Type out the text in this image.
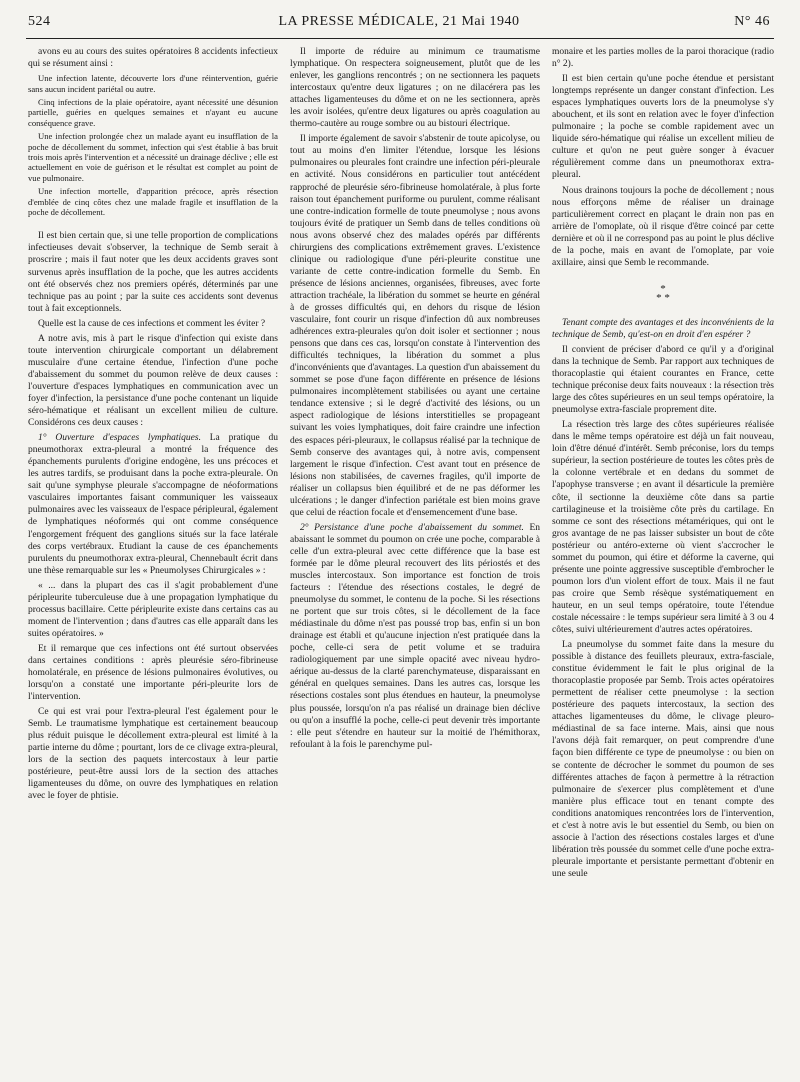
524	LA PRESSE MÉDICALE, 21 Mai 1940	N° 46

avons eu au cours des suites opératoires 8 accidents infectieux qui se résument ainsi :

Une infection latente, découverte lors d'une réintervention, guérie sans aucun incident pariétal ou autre.

Cinq infections de la plaie opératoire, ayant nécessité une désunion partielle, guéries en quelques semaines et n'ayant eu aucune conséquence grave.

Une infection prolongée chez un malade ayant eu insufflation de la poche de décollement du sommet, infection qui s'est établie à bas bruit trois mois après l'intervention et a nécessité un drainage déclive ; elle est actuellement en voie de guérison et le résultat est complet au point de vue pulmonaire.

Une infection mortelle, d'apparition précoce, après résection d'emblée de cinq côtes chez une malade fragile et insufflation de la poche de décollement.

Il est bien certain que, si une telle proportion de complications infectieuses devait s'observer, la technique de Semb serait à proscrire ; mais il faut noter que les deux accidents graves sont survenus après insufflation de la poche, que les autres accidents ont été observés chez nos premiers opérés, déterminés par une technique pas au point ; par la suite ces accidents sont devenus tout à fait exceptionnels.

Quelle est la cause de ces infections et comment les éviter ?

A notre avis, mis à part le risque d'infection qui existe dans toute intervention chirurgicale comportant un délabrement musculaire d'une certaine étendue, l'infection d'une poche d'abaissement du sommet du poumon relève de deux causes : l'ouverture d'espaces lymphatiques en communication avec un foyer d'infection, la persistance d'une poche contenant un liquide séro-hématique et réalisant un excellent milieu de culture. Considérons ces deux causes :

1° Ouverture d'espaces lymphatiques. La pratique du pneumothorax extra-pleural a montré la fréquence des épanchements purulents d'origine endogène, les uns précoces et les autres tardifs, se produisant dans la poche extra-pleurale. On sait qu'une symphyse pleurale s'accompagne de néoformations vasculaires importantes faisant communiquer les vaisseaux pulmonaires avec les vaisseaux de l'espace péripleural, également de lymphatiques néoformés qui ont comme conséquence l'engorgement fréquent des ganglions situés sur la face latérale des corps vertébraux. Etudiant la cause de ces épanchements purulents du pneumothorax extra-pleural, Chennebault écrit dans une thèse remarquable sur les « Pneumolyses Chirurgicales » :

« ... dans la plupart des cas il s'agit probablement d'une péripleurite tuberculeuse due à une propagation lymphatique du processus bacillaire. Cette péripleurite existe dans certains cas au moment de l'intervention ; dans d'autres cas elle apparaît dans les suites opératoires. »

Et il remarque que ces infections ont été surtout observées dans certaines conditions : après pleurésie séro-fibrineuse homolatérale, en présence de lésions pulmonaires évolutives, ou lorsqu'on a constaté une importante péri-pleurite lors de l'intervention.

Ce qui est vrai pour l'extra-pleural l'est également pour le Semb. Le traumatisme lymphatique est certainement beaucoup plus réduit puisque le décollement extra-pleural est limité à la partie interne du dôme ; pourtant, lors de ce clivage extra-pleural, lors de la section des paquets intercostaux à leur partie postérieure, peut-être aussi lors de la section des attaches ligamenteuses du dôme, on ouvre des lymphatiques en relation avec le foyer de phtisie.

Il importe de réduire au minimum ce traumatisme lymphatique. On respectera soigneusement, plutôt que de les enlever, les ganglions rencontrés ; on ne sectionnera les paquets intercostaux qu'entre deux ligatures ; on ne dilacérera pas les attaches ligamenteuses du dôme et on ne les sectionnera, après les avoir isolées, qu'entre deux ligatures ou après coagulation au thermo-cautère au rouge sombre ou au bistouri électrique.

Il importe également de savoir s'abstenir de toute apicolyse, ou tout au moins d'en limiter l'étendue, lorsque les lésions pulmonaires ou pleurales font craindre une infection péri-pleurale en activité. Nous considérons en particulier tout antécédent rapproché de pleurésie séro-fibrineuse homolatérale, à plus forte raison tout épanchement puriforme ou purulent, comme réalisant une contre-indication formelle de toute pneumolyse ; nous avons toujours évité de pratiquer un Semb dans de telles conditions où nous avons observé chez des malades opérés par différents chirurgiens des complications extrêmement graves. L'existence clinique ou radiologique d'une péri-pleurite constitue une variante de cette contre-indication formelle du Semb. En présence de lésions anciennes, organisées, fibreuses, avec forte attraction trachéale, la libération du sommet se heurte en général à de grosses difficultés qui, en dehors du risque de lésion vasculaire, font courir un risque d'infection dû aux nombreuses adhérences extra-pleurales qu'on doit isoler et sectionner ; nous pensons que dans ces cas, lorsqu'on constate à l'intervention des difficultés techniques, la libération du sommet a plus d'inconvénients que d'avantages. La question d'un abaissement du sommet se pose d'une façon différente en présence de lésions pulmonaires incomplètement stabilisées ou ayant une certaine tendance extensive ; si le degré d'activité des lésions, ou un aspect radiologique de lésions interstitielles se propageant suivant les voies lymphatiques, doit faire craindre une infection des espaces péri-pleuraux, le collapsus réalisé par la technique de Semb conserve des avantages qui, à notre avis, compensent largement le risque d'infection. C'est avant tout en présence de lésions non stabilisées, de cavernes fragiles, qu'il importe de réaliser un collapsus bien équilibré et de ne pas déformer les ulcérations ; le danger d'infection pariétale est bien moins grave que celui de réaction focale et d'ensemencement d'une base.

2° Persistance d'une poche d'abaissement du sommet. En abaissant le sommet du poumon on crée une poche, comparable à celle d'un extra-pleural avec cette différence que la base est formée par le dôme pleural recouvert des lits périostés et des muscles intercostaux. Son importance est fonction de trois facteurs : l'étendue des résections costales, le degré de pneumolyse du sommet, le contenu de la poche. Si les résections ne portent que sur trois côtes, si le décollement de la face médiastinale du dôme n'est pas poussé trop bas, enfin si un bon drainage est établi et qu'aucune injection n'est pratiquée dans la poche, celle-ci sera de petit volume et se traduira radiologiquement par une simple opacité avec niveau hydro-aérique au-dessus de la clarté parenchymateuse, disparaissant en général en quelques semaines. Dans les autres cas, lorsque les résections costales sont plus étendues en hauteur, la pneumolyse plus poussée, lorsqu'on n'a pas réalisé un drainage bien déclive ou qu'on a insufflé la poche, celle-ci peut devenir très importante : elle peut s'étendre en hauteur sur la moitié de l'hémithorax, refoulant à la fois le parenchyme pul-

monaire et les parties molles de la paroi thoracique (radio n° 2).

Il est bien certain qu'une poche étendue et persistant longtemps représente un danger constant d'infection. Les espaces lymphatiques ouverts lors de la pneumolyse s'y abouchent, et ils sont en relation avec le foyer d'infection pulmonaire ; la poche se comble rapidement avec un liquide séro-hématique qui réalise un excellent milieu de culture et qu'on ne peut guère songer à évacuer régulièrement comme dans un pneumothorax extra-pleural.

Nous drainons toujours la poche de décollement ; nous nous efforçons même de réaliser un drainage particulièrement correct en plaçant le drain non pas en arrière de l'omoplate, où il risque d'être coincé par cette dernière et où il ne correspond pas au point le plus déclive de la poche, mais en avant de l'omoplate, par voie axillaire, ainsi que Semb le recommande.

*
* *

Tenant compte des avantages et des inconvénients de la technique de Semb, qu'est-on en droit d'en espérer ?

Il convient de préciser d'abord ce qu'il y a d'original dans la technique de Semb. Par rapport aux techniques de thoracoplastie qui étaient courantes en France, cette technique préconise deux faits nouveaux : la résection très large des côtes supérieures en un seul temps opératoire, la pneumolyse extra-fasciale proprement dite.

La résection très large des côtes supérieures réalisée dans le même temps opératoire est déjà un fait nouveau, loin d'être dénué d'intérêt. Semb préconise, lors du temps supérieur, la section postérieure de toutes les côtes près de la colonne vertébrale et en dedans du sommet de l'apophyse transverse ; en avant il désarticule la première côte, il sectionne la deuxième côte dans sa partie cartilagineuse et la troisième côte près du cartilage. En somme ce sont des résections métamériques, qui ont le gros avantage de ne pas laisser subsister un bout de côte postérieur ou antéro-externe où vient s'accrocher le sommet du poumon, qui étire et déforme la caverne, qui présente une pointe aggressive susceptible d'embrocher le poumon lors d'un violent effort de toux. Mais il ne faut pas croire que Semb résèque systématiquement en hauteur, en un seul temps opératoire, toute l'étendue costale nécessaire : le temps supérieur sera limité à 3 ou 4 côtes, suivi ultérieurement d'autres actes opératoires.

La pneumolyse du sommet faite dans la mesure du possible à distance des feuillets pleuraux, extra-fasciale, constitue évidemment le fait le plus original de la thoracoplastie proposée par Semb. Trois actes opératoires permettent de réaliser cette pneumolyse : la section postérieure des paquets intercostaux, la section des attaches ligamenteuses du dôme, le clivage pleuro-médiastinal de sa face interne. Mais, ainsi que nous l'avons déjà fait remarquer, on peut comprendre d'une façon bien différente ce type de pneumolyse : ou bien on se contente de décrocher le sommet du poumon de ses différentes attaches de façon à permettre à la rétraction pulmonaire de s'exercer plus complètement et d'une manière plus efficace tout en tenant compte des conditions anatomiques rencontrées lors de l'intervention, et c'est à notre avis le but essentiel du Semb, ou bien on associe à l'action des résections costales larges et d'une libération très poussée du sommet celle d'une poche extra-pleurale importante et persistante permettant d'obtenir en une seule
